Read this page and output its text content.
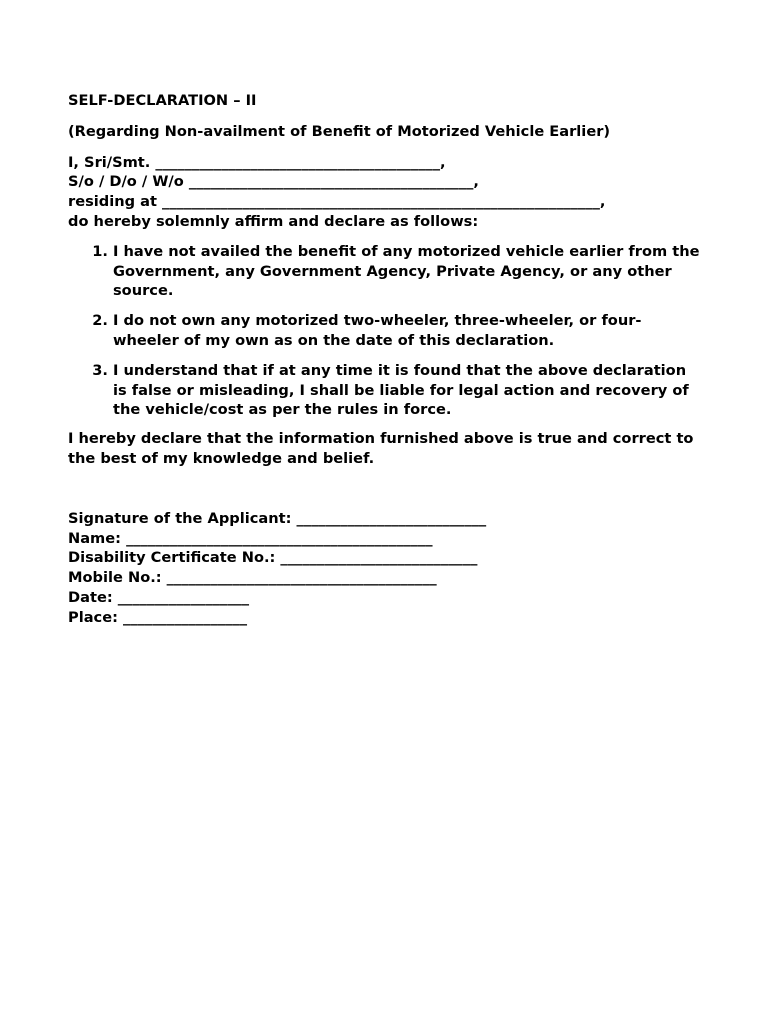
SELF-DECLARATION – II

(Regarding Non-availment of Benefit of Motorized Vehicle Earlier)

I, Sri/Smt. _______________________________________,

S/o / D/o / W/o _______________________________________,

residing at ____________________________________________________________,

do hereby solemnly affirm and declare as follows:

1. I have not availed the benefit of any motorized vehicle earlier from the Government, any Government Agency, Private Agency, or any other source.
2. I do not own any motorized two-wheeler, three-wheeler, or four-wheeler of my own as on the date of this declaration.
3. I understand that if at any time it is found that the above declaration is false or misleading, I shall be liable for legal action and recovery of the vehicle/cost as per the rules in force.

I hereby declare that the information furnished above is true and correct to the best of my knowledge and belief.

Signature of the Applicant: __________________________

Name: __________________________________________

Disability Certificate No.: ___________________________

Mobile No.: _____________________________________

Date: __________________

Place: _________________
